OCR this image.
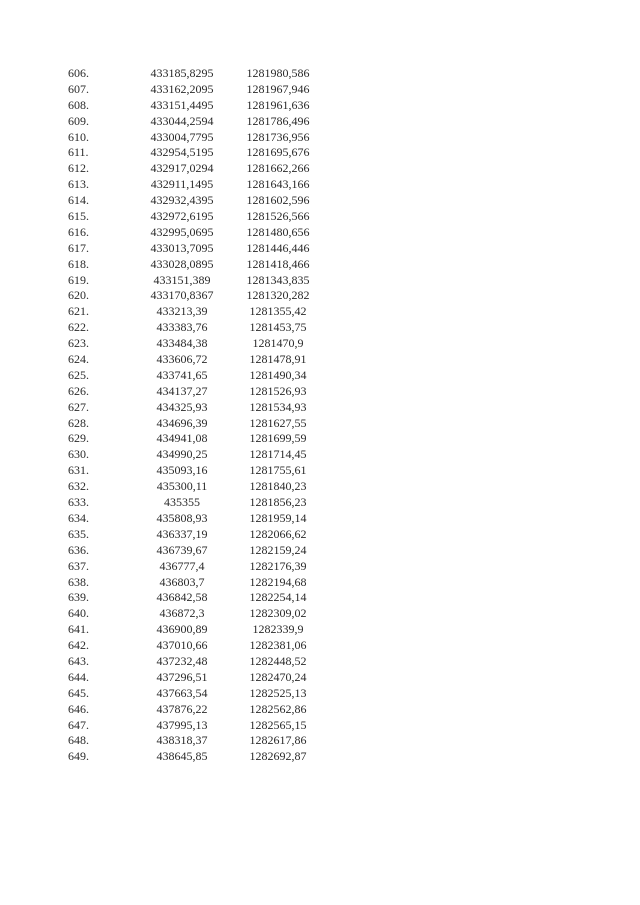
606.	433185,8295	1281980,586
607.	433162,2095	1281967,946
608.	433151,4495	1281961,636
609.	433044,2594	1281786,496
610.	433004,7795	1281736,956
611.	432954,5195	1281695,676
612.	432917,0294	1281662,266
613.	432911,1495	1281643,166
614.	432932,4395	1281602,596
615.	432972,6195	1281526,566
616.	432995,0695	1281480,656
617.	433013,7095	1281446,446
618.	433028,0895	1281418,466
619.	433151,389	1281343,835
620.	433170,8367	1281320,282
621.	433213,39	1281355,42
622.	433383,76	1281453,75
623.	433484,38	1281470,9
624.	433606,72	1281478,91
625.	433741,65	1281490,34
626.	434137,27	1281526,93
627.	434325,93	1281534,93
628.	434696,39	1281627,55
629.	434941,08	1281699,59
630.	434990,25	1281714,45
631.	435093,16	1281755,61
632.	435300,11	1281840,23
633.	435355	1281856,23
634.	435808,93	1281959,14
635.	436337,19	1282066,62
636.	436739,67	1282159,24
637.	436777,4	1282176,39
638.	436803,7	1282194,68
639.	436842,58	1282254,14
640.	436872,3	1282309,02
641.	436900,89	1282339,9
642.	437010,66	1282381,06
643.	437232,48	1282448,52
644.	437296,51	1282470,24
645.	437663,54	1282525,13
646.	437876,22	1282562,86
647.	437995,13	1282565,15
648.	438318,37	1282617,86
649.	438645,85	1282692,87
